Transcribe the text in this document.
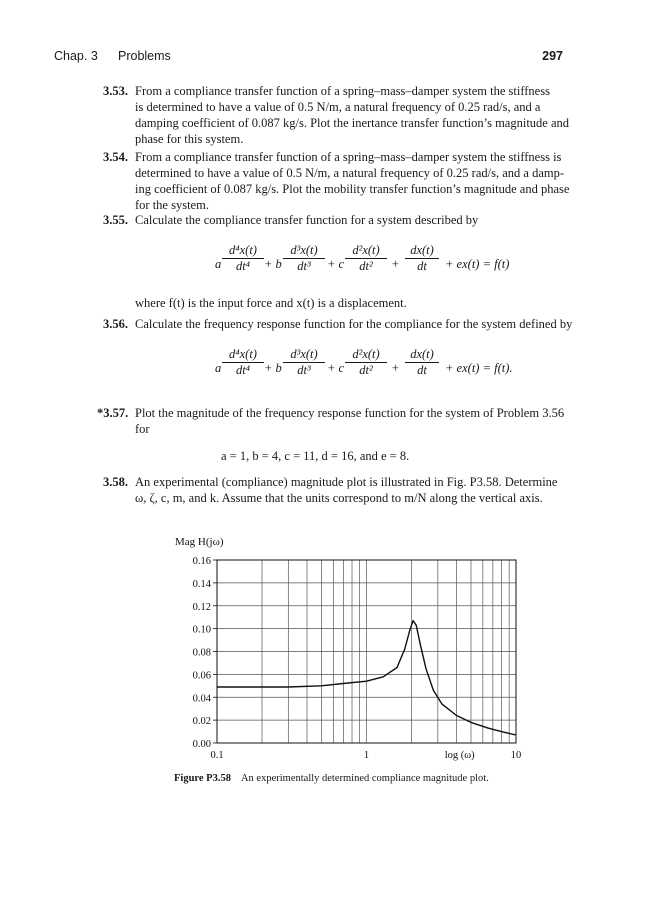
Chap. 3 Problems	297
3.53. From a compliance transfer function of a spring–mass–damper system the stiffness
is determined to have a value of 0.5 N/m, a natural frequency of 0.25 rad/s, and a
damping coefficient of 0.087 kg/s. Plot the inertance transfer function’s magnitude and
phase for this system.
3.54. From a compliance transfer function of a spring–mass–damper system the stiffness is
determined to have a value of 0.5 N/m, a natural frequency of 0.25 rad/s, and a damp-
ing coefficient of 0.087 kg/s. Plot the mobility transfer function’s magnitude and phase
for the system.
3.55. Calculate the compliance transfer function for a system described by
a $\frac{\text{d⁴x(t)}}{\text{dt⁴}} + b \frac{\text{d³x(t)}}{\text{dt³}} + c \frac{\text{d²x(t)}}{\text{dt²}} + \frac{dx(t)}{dt} + ex(t) = f(t)$
where f(t) is the input force and x(t) is a displacement.
3.56. Calculate the frequency response function for the compliance for the system defined by
a $\frac{\text{d⁴x(t)}}{\text{dt⁴}} + b \frac{\text{d³x(t)}}{\text{dt³}} + c \frac{\text{d²x(t)}}{\text{dt²}} + \frac{dx(t)}{dt} + ex(t) = f(t)$.
*3.57. Plot the magnitude of the frequency response function for the system of Problem 3.56
for
a = 1, b = 4, c = 11, d = 16, and e = 8.
3.58. An experimental (compliance) magnitude plot is illustrated in Fig. P3.58. Determine
ω, ζ, c, m, and k. Assume that the units correspond to m/N along the vertical axis.
0.00
0.02
0.04
0.06
0.08
0.10
0.12
0.14
0.16
0.1	1	10
log (ω)
Mag H(jω)
Figure P3.58 An experimentally determined compliance magnitude plot.
